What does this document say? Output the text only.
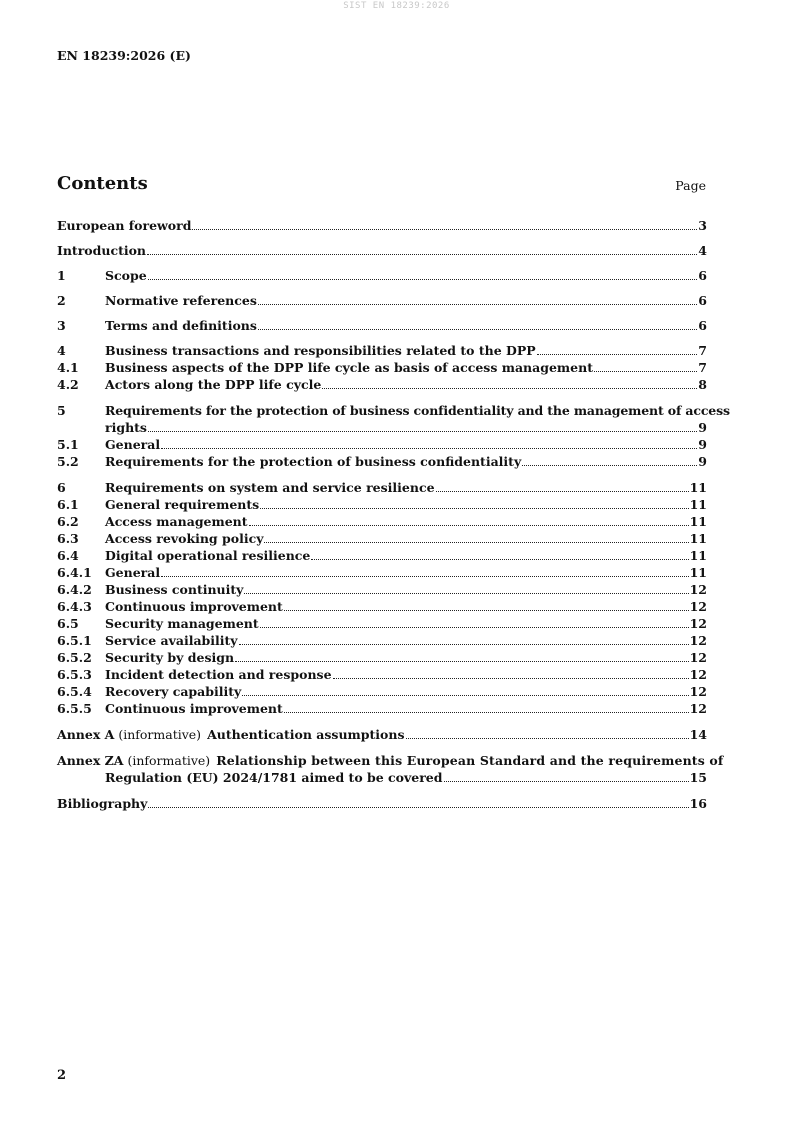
SIST EN 18239:2026
EN 18239:2026 (E)
Contents	Page
European foreword	3
Introduction	4
1	Scope	6
2	Normative references	6
3	Terms and definitions	6
4	Business transactions and responsibilities related to the DPP	7
4.1	Business aspects of the DPP life cycle as basis of access management	7
4.2	Actors along the DPP life cycle	8
5	Requirements for the protection of business confidentiality and the management of access
rights	9
5.1	General	9
5.2	Requirements for the protection of business confidentiality	9
6	Requirements on system and service resilience	11
6.1	General requirements	11
6.2	Access management	11
6.3	Access revoking policy	11
6.4	Digital operational resilience	11
6.4.1	General	11
6.4.2	Business continuity	12
6.4.3	Continuous improvement	12
6.5	Security management	12
6.5.1	Service availability	12
6.5.2	Security by design	12
6.5.3	Incident detection and response	12
6.5.4	Recovery capability	12
6.5.5	Continuous improvement	12
Annex A (informative) Authentication assumptions	14
Annex ZA (informative) Relationship between this European Standard and the requirements of
Regulation (EU) 2024/1781 aimed to be covered	15
Bibliography	16
2
